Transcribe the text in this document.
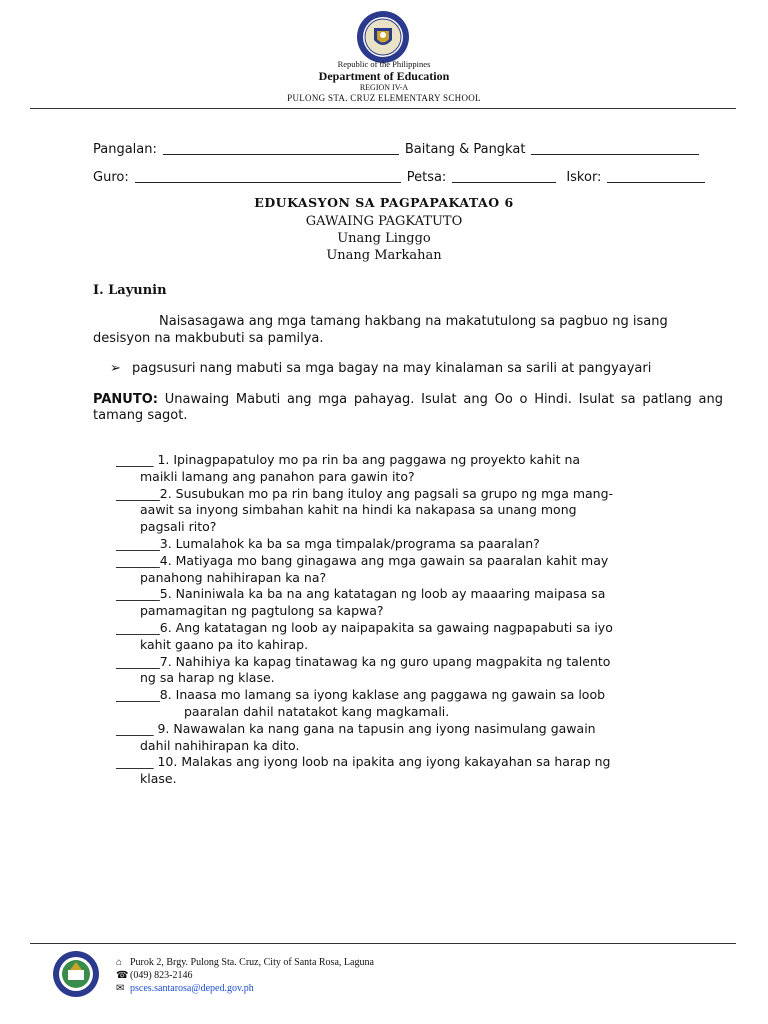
Republic of the Philippines
Department of Education
REGION IV-A
PULONG STA. CRUZ ELEMENTARY SCHOOL
Pangalan:	Baitang & Pangkat
Guro:	Petsa:	Iskor:
EDUKASYON SA PAGPAPAKATAO 6
GAWAING PAGKATUTO
Unang Linggo
Unang Markahan
I. Layunin
Naisasagawa ang mga tamang hakbang na makatutulong sa pagbuo ng isang desisyon na makbubuti sa pamilya.
➢ pagsusuri nang mabuti sa mga bagay na may kinalaman sa sarili at pangyayari
PANUTO: Unawaing Mabuti ang mga pahayag. Isulat ang Oo o Hindi. Isulat sa patlang ang tamang sagot.
______ 1. Ipinagpapatuloy mo pa rin ba ang paggawa ng proyekto kahit na
maikli lamang ang panahon para gawin ito?
_______2. Susubukan mo pa rin bang ituloy ang pagsali sa grupo ng mga mang-
aawit sa inyong simbahan kahit na hindi ka nakapasa sa unang mong
pagsali rito?
_______3. Lumalahok ka ba sa mga timpalak/programa sa paaralan?
_______4. Matiyaga mo bang ginagawa ang mga gawain sa paaralan kahit may
panahong nahihirapan ka na?
_______5. Naniniwala ka ba na ang katatagan ng loob ay maaaring maipasa sa
pamamagitan ng pagtulong sa kapwa?
_______6. Ang katatagan ng loob ay naipapakita sa gawaing nagpapabuti sa iyo
kahit gaano pa ito kahirap.
_______7. Nahihiya ka kapag tinatawag ka ng guro upang magpakita ng talento
ng sa harap ng klase.
_______8. Inaasa mo lamang sa iyong kaklase ang paggawa ng gawain sa loob
paaralan dahil natatakot kang magkamali.
______ 9. Nawawalan ka nang gana na tapusin ang iyong nasimulang gawain
dahil nahihirapan ka dito.
______ 10. Malakas ang iyong loob na ipakita ang iyong kakayahan sa harap ng
klase.
⌂ Purok 2, Brgy. Pulong Sta. Cruz, City of Santa Rosa, Laguna
☎ (049) 823-2146
✉ psces.santarosa@deped.gov.ph
